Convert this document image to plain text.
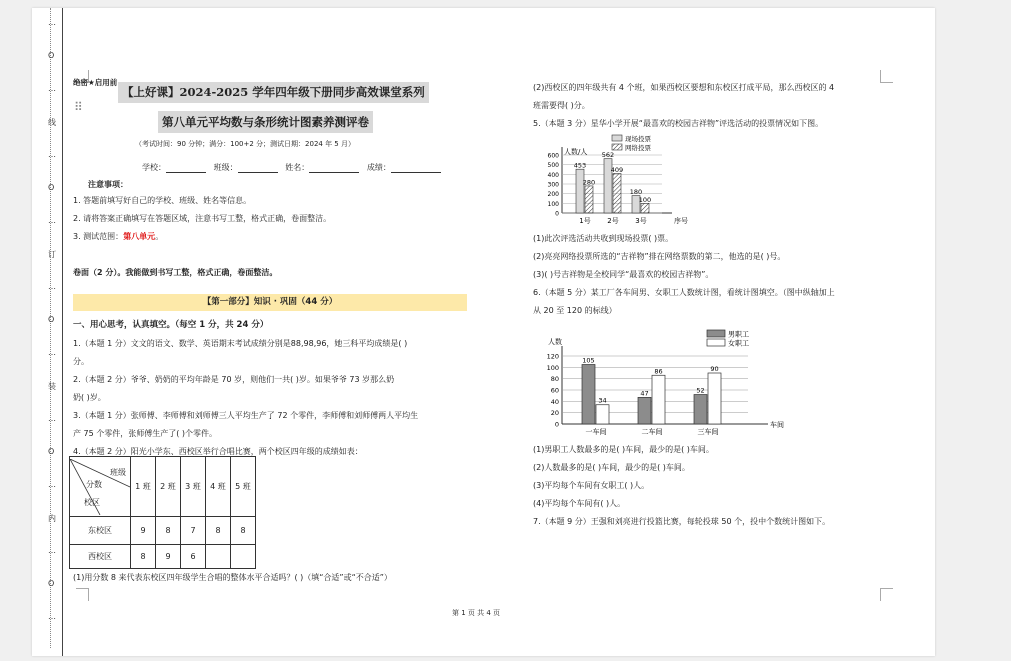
…
O
…
线
…
O
…
订
…
O
…
装
…
O
…
内
…
O
…
⠿
绝密★启用前
【上好课】2024-2025 学年四年级下册同步高效课堂系列
第八单元平均数与条形统计图素养测评卷
（考试时间：90 分钟；满分：100+2 分；测试日期：2024 年 5 月）
学校：	班级：	姓名：	成绩：
注意事项：
1. 答题前填写好自己的学校、班级、姓名等信息。
2. 请将答案正确填写在答题区域，注意书写工整，格式正确，卷面整洁。
3. 测试范围：第八单元。
卷面（2 分）。我能做到书写工整，格式正确，卷面整洁。
【第一部分】知识 · 巩固（44 分）
一、用心思考，认真填空。（每空 1 分，共 24 分）
1.（本题 1 分）文文的语文、数学、英语期末考试成绩分别是88,98,96，她三科平均成绩是( )
分。
2.（本题 2 分）爷爷、奶奶的平均年龄是 70 岁，则他们一共( )岁。如果爷爷 73 岁那么奶
奶( )岁。
3.（本题 1 分）张师傅、李师傅和刘师傅三人平均生产了 72 个零件，李师傅和刘师傅两人平均生
产 75 个零件，张师傅生产了( )个零件。
4.（本题 2 分）阳光小学东、西校区举行合唱比赛，两个校区四年级的成绩如表：
班级
分数
校区	1 班	2 班	3 班	4 班	5 班
东校区	9	8	7	8	8
西校区	8	9	6		
(1)用分数 8 来代表东校区四年级学生合唱的整体水平合适吗？( )（填“合适”或“不合适”）
(2)西校区的四年级共有 4 个班，如果西校区要想和东校区打成平局，那么西校区的 4
班需要得( )分。
5.（本题 3 分）星华小学开展“最喜欢的校园吉祥物”评选活动的投票情况如下图。
0
100
200
300
400
500
600 人数/人
序号
453
280
1号
562
409
2号
180
100
3号
现场投票
网络投票
(1)此次评选活动共收到现场投票( )票。
(2)亮亮网络投票所选的“吉祥物”排在网络票数的第二，他选的是( )号。
(3)( )号吉祥物是全校同学“最喜欢的校园吉祥物”。
6.（本题 5 分）某工厂各车间男、女职工人数统计图，看统计图填空。（图中纵轴加上
从 20 至 120 的标线）
0
20
40
60
80
100
120
人数
车间
105
34
一车间
47
86
二车间
52
90
三车间
男职工
女职工
(1)男职工人数最多的是( )车间，最少的是( )车间。
(2)人数最多的是( )车间，最少的是( )车间。
(3)平均每个车间有女职工( )人。
(4)平均每个车间有( )人。
7.（本题 9 分）王强和刘亮进行投篮比赛，每轮投球 50 个，投中个数统计图如下。
第 1 页 共 4 页
